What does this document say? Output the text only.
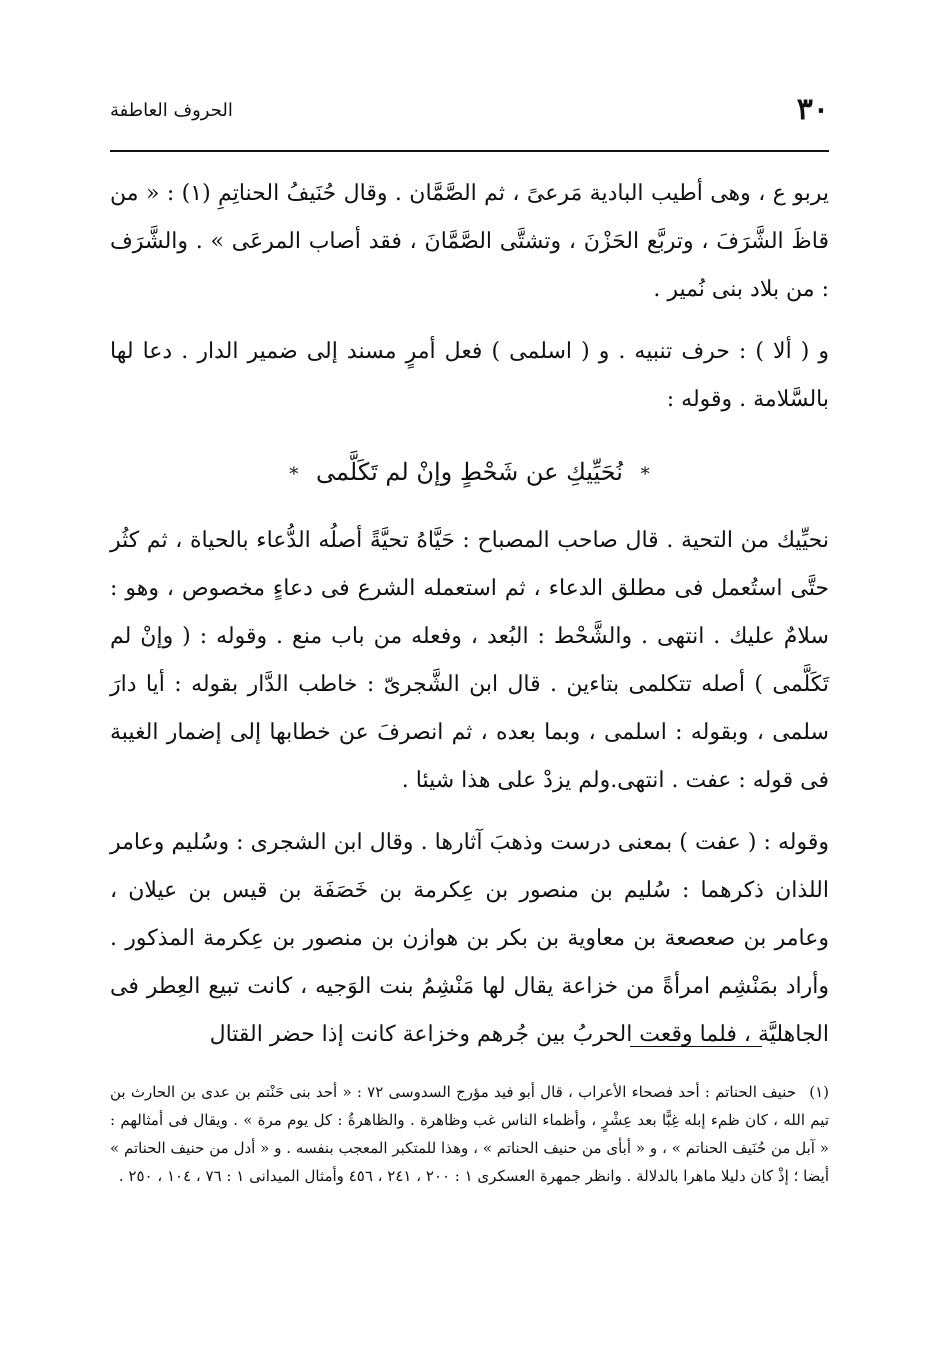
٣٠
الحروف العاطفة

يربو ع ، وهى أطيب البادية مَرعىً ، ثم الصَّمَّان . وقال حُنَيفُ الحناتِمِ (١) : « من قاظَ الشَّرَفَ ، وتربَّع الحَزْنَ ، وتشتَّى الصَّمَّانَ ، فقد أصاب المرعَى » . والشَّرَف : من بلاد بنى نُمير .

و ( ألا ) : حرف تنبيه . و ( اسلمى ) فعل أمرٍ مسند إلى ضمير الدار . دعا لها بالسَّلامة . وقوله :

* نُحَيِّيكِ عن شَحْطٍ وإنْ لم تَكَلَّمى *

نحيِّيك من التحية . قال صاحب المصباح : حَيَّاهُ تحيَّةً أصلُه الدُّعاء بالحياة ، ثم كثُر حتَّى استُعمل فى مطلق الدعاء ، ثم استعمله الشرع فى دعاءٍ مخصوص ، وهو : سلامٌ عليك . انتهى . والشَّحْط : البُعد ، وفعله من باب منع . وقوله : ( وإنْ لم تَكَلَّمى ) أصله تتكلمى بتاءين . قال ابن الشَّجرىّ : خاطب الدَّار بقوله : أيا دارَ سلمى ، وبقوله : اسلمى ، وبما بعده ، ثم انصرفَ عن خطابها إلى إضمار الغيبة فى قوله : عفت . انتهى.ولم يزدْ على هذا شيئا .

وقوله : ( عفت ) بمعنى درست وذهبَ آثارها . وقال ابن الشجرى : وسُليم وعامر اللذان ذكرهما : سُليم بن منصور بن عِكرمة بن خَصَفَة بن قيس بن عيلان ، وعامر بن صعصعة بن معاوية بن بكر بن هوازن بن منصور بن عِكرمة المذكور . وأراد بمَنْشِم امرأةً من خزاعة يقال لها مَنْشِمُ بنت الوَجيه ، كانت تبيع العِطر فى الجاهليَّة ، فلما وقعت الحربُ بين جُرهم وخزاعة كانت إذا حضر القتال

(١) حنيف الحناتم : أحد فصحاء الأعراب ، قال أبو فيد مؤرج السدوسى ٧٢ : « أحد بنى حَنْتم بن عدى بن الحارث بن تيم الله ، كان ظمء إبله غِبًّا بعد عِشْرٍ ، وأظماء الناس غب وظاهرة . والظاهرةُ : كل يوم مرة » . ويقال فى أمثالهم : « آبل من حُنَيف الحناتم » ، و « أبأى من حنيف الحناتم » ، وهذا للمتكبر المعجب بنفسه . و « أدل من حنيف الحناتم » أيضا ؛ إذْ كان دليلا ماهرا بالدلالة . وانظر جمهرة العسكرى ١ : ٢٠٠ ، ٢٤١ ، ٤٥٦ وأمثال الميدانى ١ : ٧٦ ، ١٠٤ ، ٢٥٠ .
